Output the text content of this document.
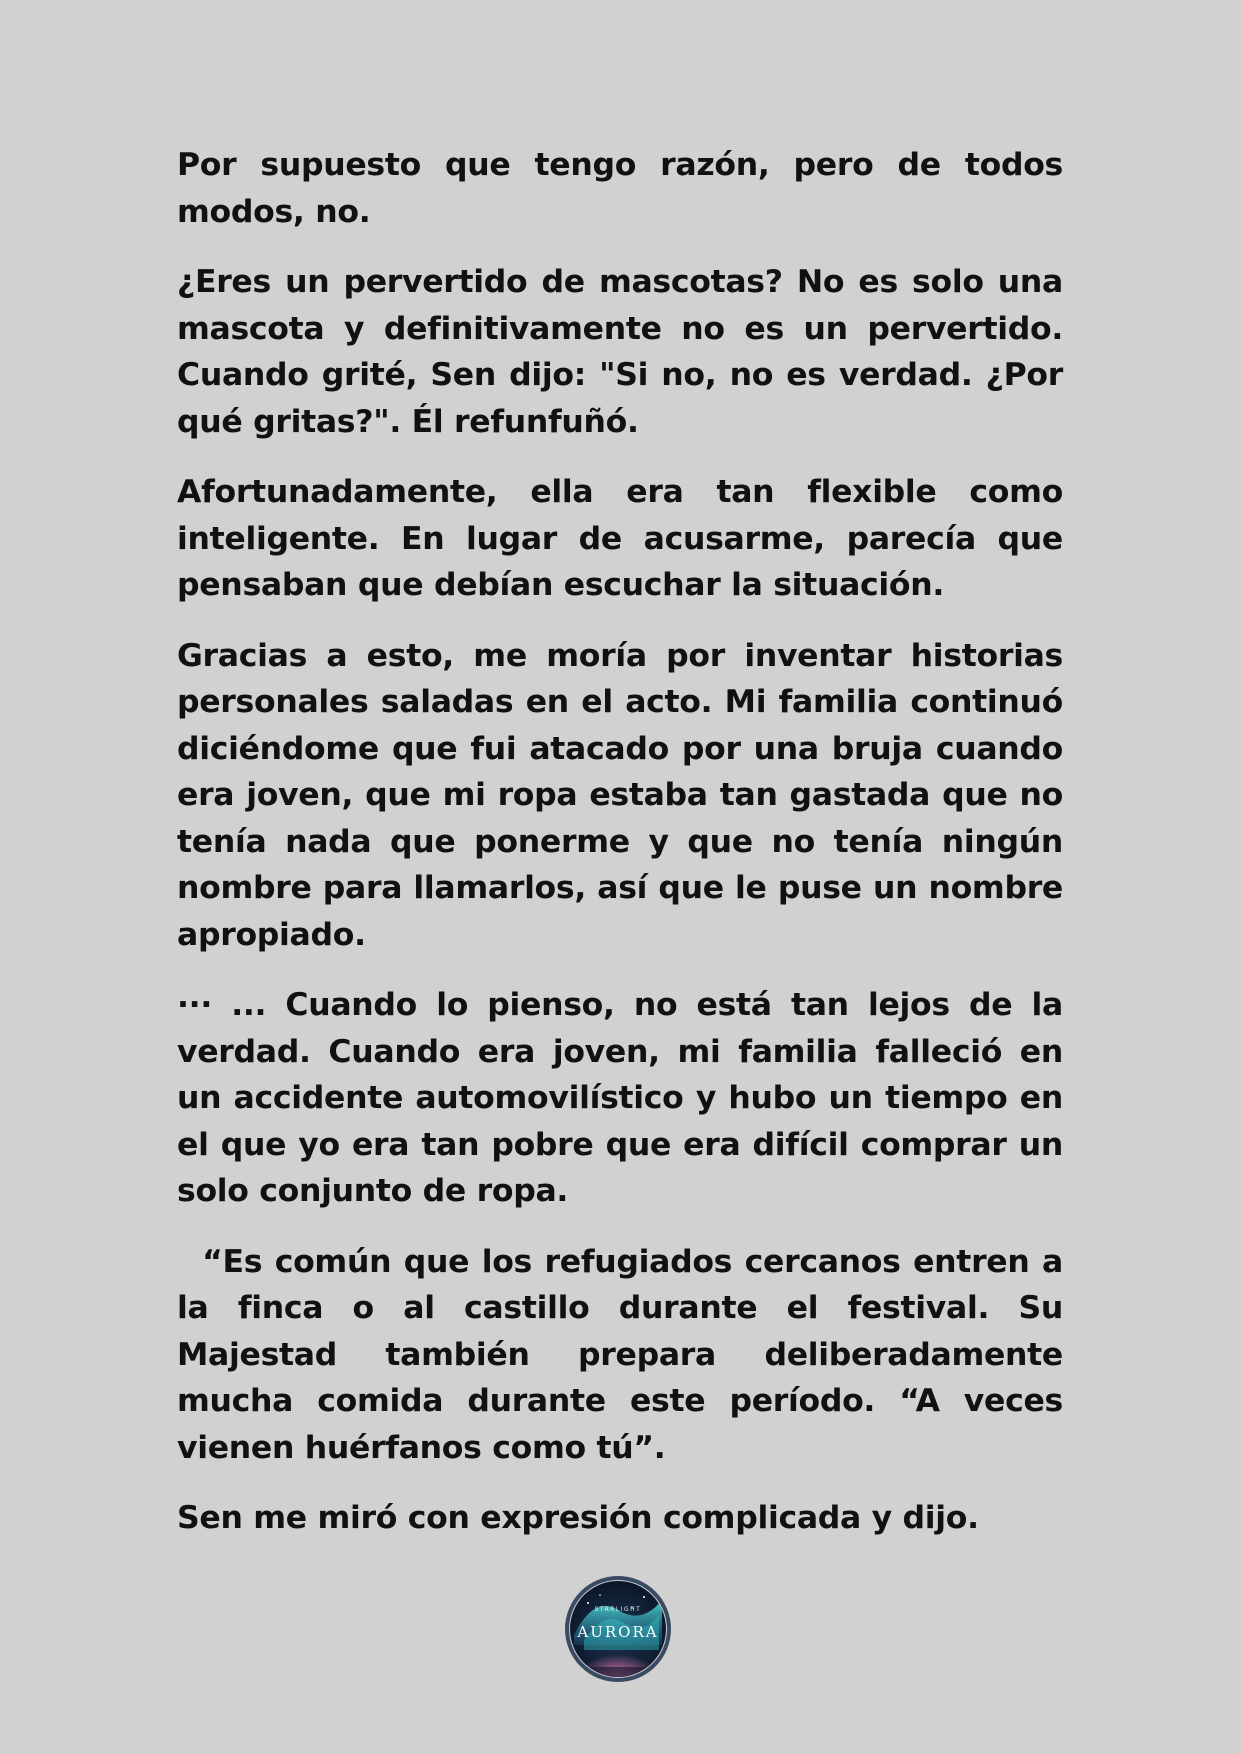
Por supuesto que tengo razón, pero de todos modos, no.

¿Eres un pervertido de mascotas? No es solo una mascota y definitivamente no es un pervertido. Cuando grité, Sen dijo: "Si no, no es verdad. ¿Por qué gritas?". Él refunfuñó.

Afortunadamente, ella era tan flexible como inteligente. En lugar de acusarme, parecía que pensaban que debían escuchar la situación.

Gracias a esto, me moría por inventar historias personales saladas en el acto. Mi familia continuó diciéndome que fui atacado por una bruja cuando era joven, que mi ropa estaba tan gastada que no tenía nada que ponerme y que no tenía ningún nombre para llamarlos, así que le puse un nombre apropiado.

··· ... Cuando lo pienso, no está tan lejos de la verdad. Cuando era joven, mi familia falleció en un accidente automovilístico y hubo un tiempo en el que yo era tan pobre que era difícil comprar un solo conjunto de ropa.

“Es común que los refugiados cercanos entren a la finca o al castillo durante el festival. Su Majestad también prepara deliberadamente mucha comida durante este período. “A veces vienen huérfanos como tú”.

Sen me miró con expresión complicada y dijo.

STARLIGHT
AURORA
